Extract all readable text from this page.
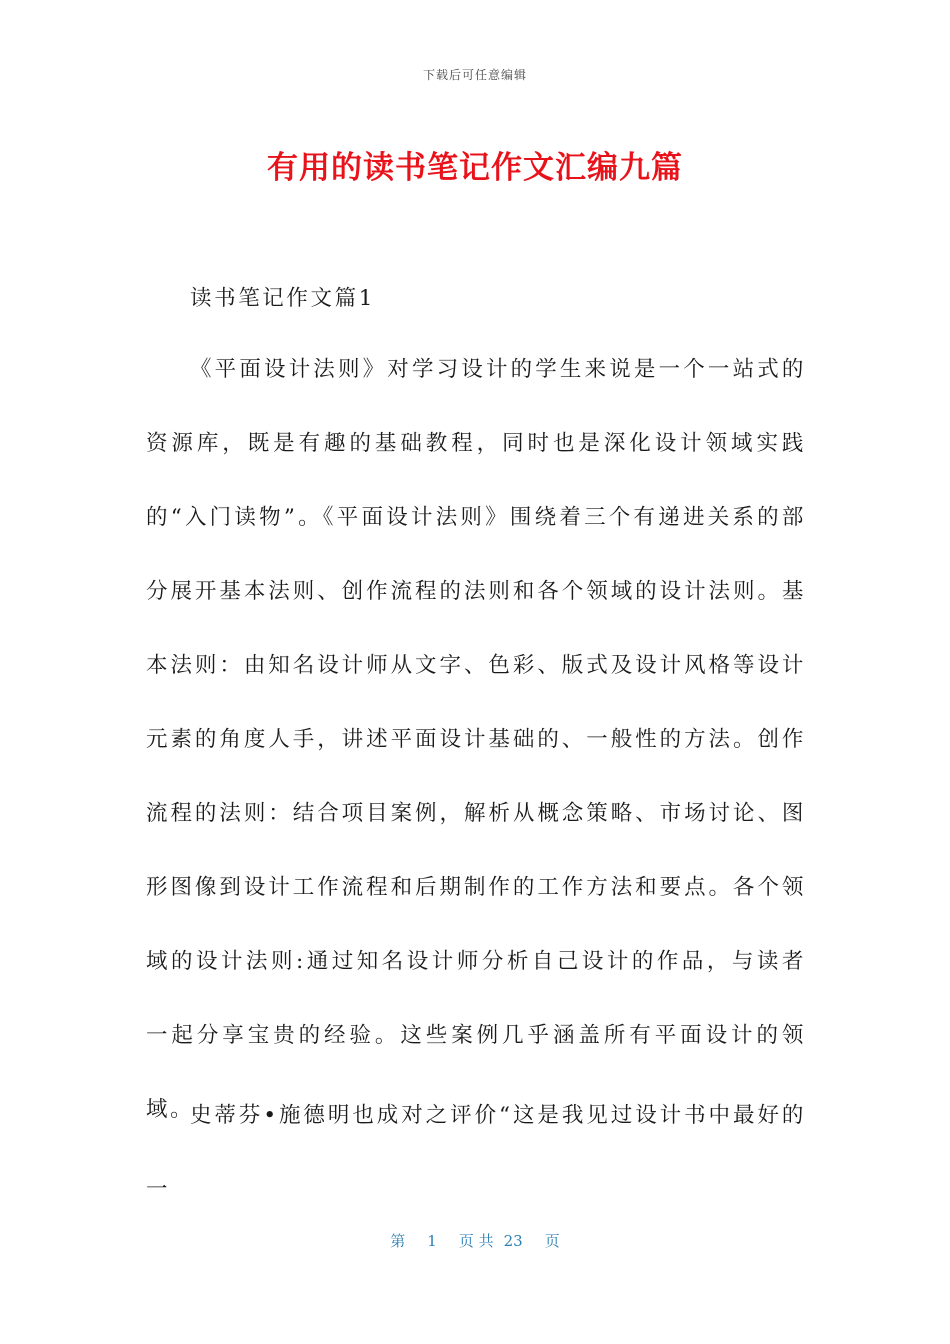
下载后可任意编辑
有用的读书笔记作文汇编九篇
读书笔记作文篇1
《平面设计法则》对学习设计的学生来说是一个一站式的资源库，既是有趣的基础教程，同时也是深化设计领域实践的“入门读物”。《平面设计法则》围绕着三个有递进关系的部分展开基本法则、创作流程的法则和各个领域的设计法则。基本法则：由知名设计师从文字、色彩、版式及设计风格等设计元素的角度人手，讲述平面设计基础的、一般性的方法。创作流程的法则：结合项目案例，解析从概念策略、市场讨论、图形图像到设计工作流程和后期制作的工作方法和要点。各个领域的设计法则:通过知名设计师分析自己设计的作品，与读者一起分享宝贵的经验。这些案例几乎涵盖所有平面设计的领域。
史蒂芬•施德明也成对之评价“这是我见过设计书中最好的一
第 1 页 共 23 页
